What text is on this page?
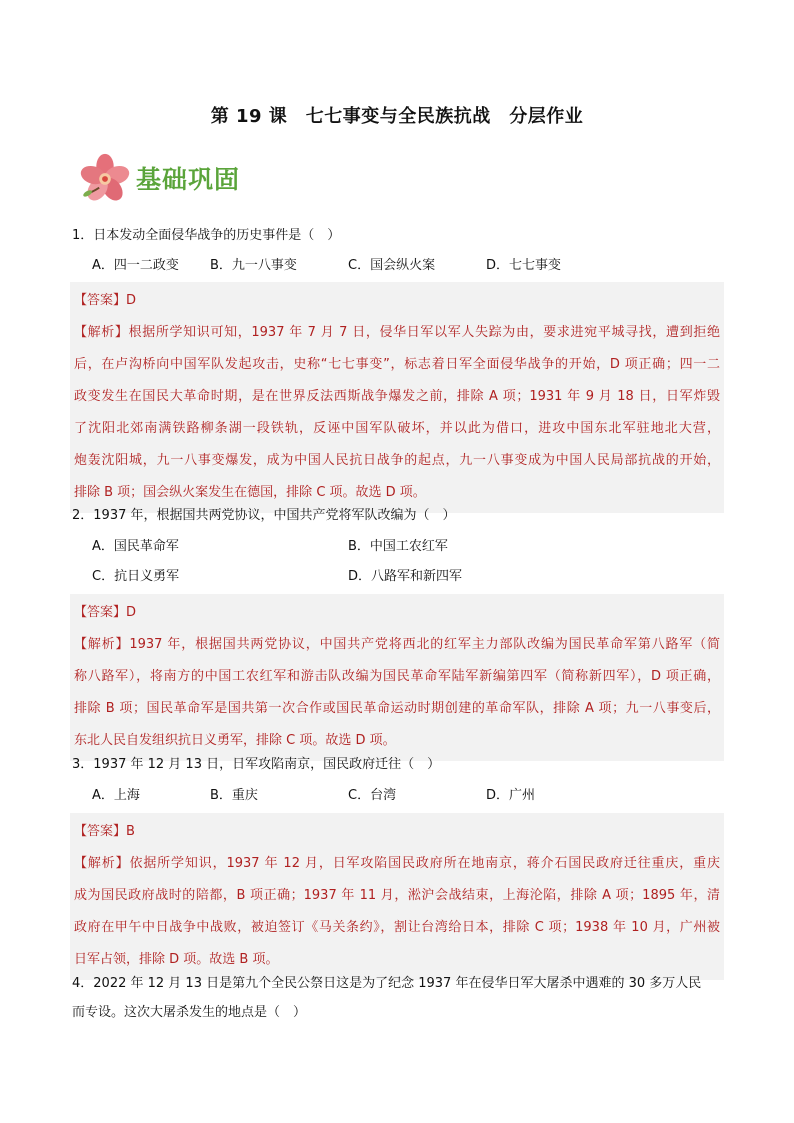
第 19 课　七七事变与全民族抗战　分层作业
基础巩固
1．日本发动全面侵华战争的历史事件是（　）
A．四一二政变 B．九一八事变	C．国会纵火案	D．七七事变
【答案】D
【解析】根据所学知识可知，1937 年 7 月 7 日，侵华日军以军人失踪为由，要求进宛平城寻找，遭到拒绝
后，在卢沟桥向中国军队发起攻击，史称“七七事变”，标志着日军全面侵华战争的开始，D 项正确；四一二
政变发生在国民大革命时期，是在世界反法西斯战争爆发之前，排除 A 项；1931 年 9 月 18 日，日军炸毁
了沈阳北郊南满铁路柳条湖一段铁轨，反诬中国军队破坏，并以此为借口，进攻中国东北军驻地北大营，
炮轰沈阳城，九一八事变爆发，成为中国人民抗日战争的起点，九一八事变成为中国人民局部抗战的开始，
排除 B 项；国会纵火案发生在德国，排除 C 项。故选 D 项。
2．1937 年，根据国共两党协议，中国共产党将军队改编为（　）
A．国民革命军	B．中国工农红军
C．抗日义勇军	D．八路军和新四军
【答案】D
【解析】1937 年，根据国共两党协议，中国共产党将西北的红军主力部队改编为国民革命军第八路军（简
称八路军），将南方的中国工农红军和游击队改编为国民革命军陆军新编第四军（简称新四军），D 项正确，
排除 B 项；国民革命军是国共第一次合作或国民革命运动时期创建的革命军队，排除 A 项；九一八事变后，
东北人民自发组织抗日义勇军，排除 C 项。故选 D 项。
3．1937 年 12 月 13 日，日军攻陷南京，国民政府迁往（　）
A．上海	B．重庆	C．台湾	D．广州
【答案】B
【解析】依据所学知识，1937 年 12 月，日军攻陷国民政府所在地南京，蒋介石国民政府迁往重庆，重庆
成为国民政府战时的陪都，B 项正确；1937 年 11 月，淞沪会战结束，上海沦陷，排除 A 项；1895 年，清
政府在甲午中日战争中战败，被迫签订《马关条约》，割让台湾给日本，排除 C 项；1938 年 10 月，广州被
日军占领，排除 D 项。故选 B 项。
4．2022 年 12 月 13 日是第九个全民公祭日这是为了纪念 1937 年在侵华日军大屠杀中遇难的 30 多万人民
而专设。这次大屠杀发生的地点是（　）
